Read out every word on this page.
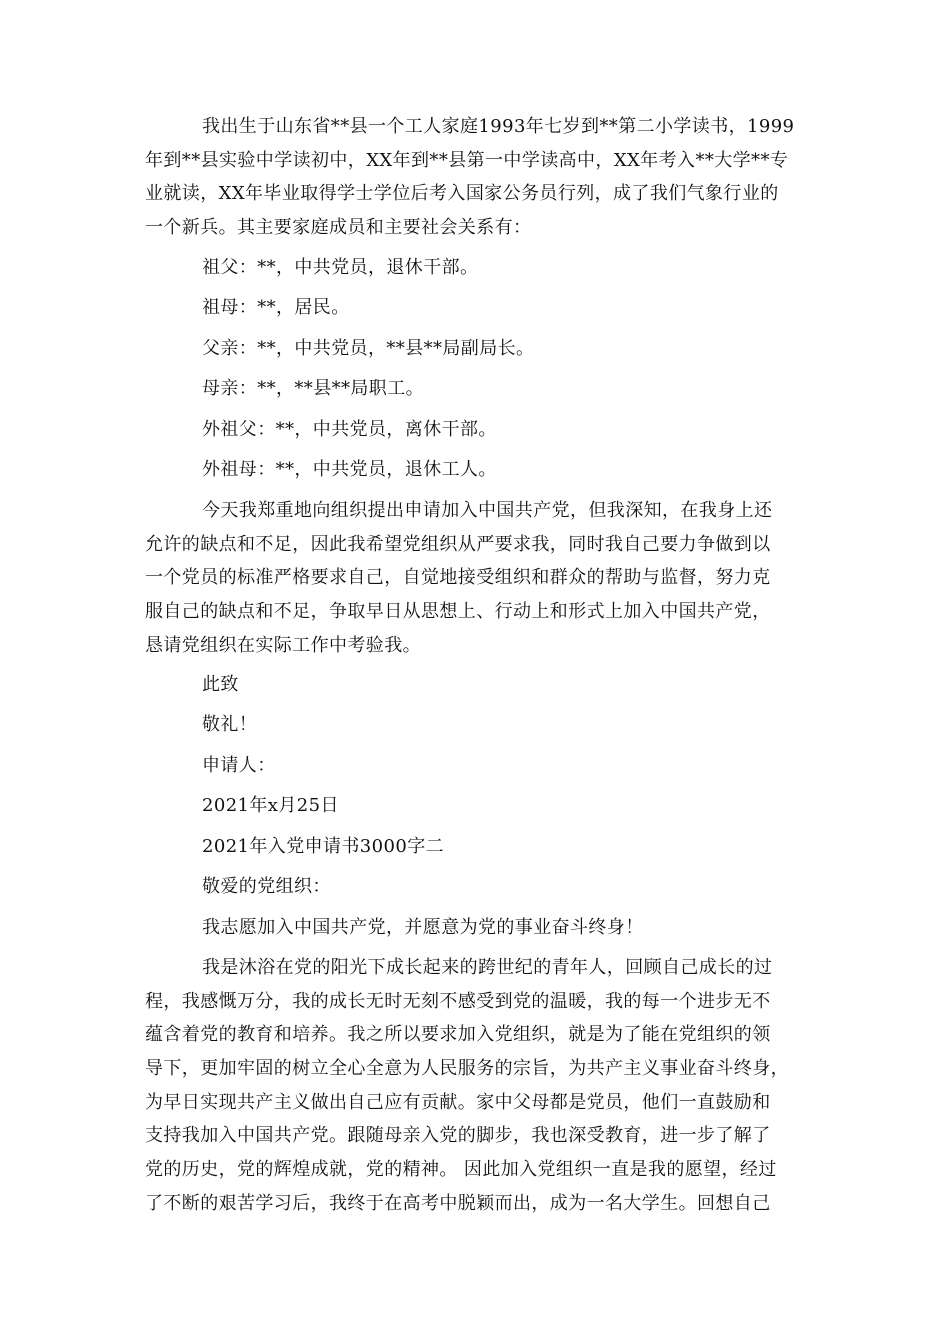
我出生于山东省**县一个工人家庭1993年七岁到**第二小学读书，1999
年到**县实验中学读初中，XX年到**县第一中学读高中，XX年考入**大学**专
业就读，XX年毕业取得学士学位后考入国家公务员行列，成了我们气象行业的
一个新兵。其主要家庭成员和主要社会关系有：

祖父：**，中共党员，退休干部。

祖母：**，居民。

父亲：**，中共党员，**县**局副局长。

母亲：**，**县**局职工。

外祖父：**，中共党员，离休干部。

外祖母：**，中共党员，退休工人。

今天我郑重地向组织提出申请加入中国共产党，但我深知，在我身上还
允许的缺点和不足，因此我希望党组织从严要求我，同时我自己要力争做到以
一个党员的标准严格要求自己，自觉地接受组织和群众的帮助与监督，努力克
服自己的缺点和不足，争取早日从思想上、行动上和形式上加入中国共产党，
恳请党组织在实际工作中考验我。

此致

敬礼！

申请人：

2021年x月25日

2021年入党申请书3000字二

敬爱的党组织：

我志愿加入中国共产党，并愿意为党的事业奋斗终身！

我是沐浴在党的阳光下成长起来的跨世纪的青年人，回顾自己成长的过
程，我感慨万分，我的成长无时无刻不感受到党的温暖，我的每一个进步无不
蕴含着党的教育和培养。我之所以要求加入党组织，就是为了能在党组织的领
导下，更加牢固的树立全心全意为人民服务的宗旨，为共产主义事业奋斗终身，
为早日实现共产主义做出自己应有贡献。家中父母都是党员，他们一直鼓励和
支持我加入中国共产党。跟随母亲入党的脚步，我也深受教育，进一步了解了
党的历史，党的辉煌成就，党的精神。 因此加入党组织一直是我的愿望，经过
了不断的艰苦学习后，我终于在高考中脱颖而出，成为一名大学生。回想自己
